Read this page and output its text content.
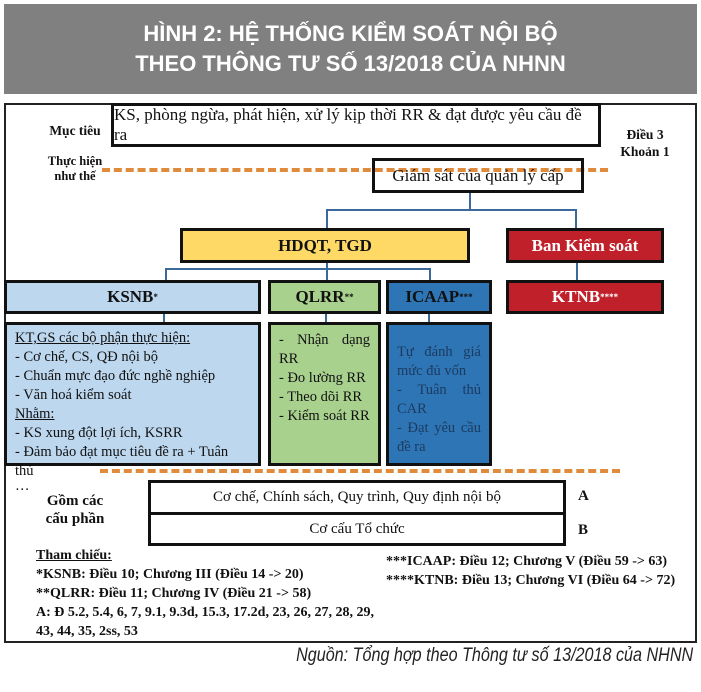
HÌNH 2: HỆ THỐNG KIỂM SOÁT NỘI BỘ
THEO THÔNG TƯ SỐ 13/2018 CỦA NHNN
Mục tiêu
KS, phòng ngừa, phát hiện, xử lý kịp thời RR & đạt được yêu cầu đề ra	Điều 3
Khoản 1
Thực hiện
như thế	Giám sát của quản lý cấp
HDQT, TGD	Ban Kiểm soát
KSNB *	QLRR **	ICAAP ***	KTNB ****
KT,GS các bộ phận thực hiện:
- Cơ chế, CS, QĐ nội bộ
- Chuẩn mực đạo đức nghề nghiệp
- Văn hoá kiểm soát
Nhằm:
- KS xung đột lợi ích, KSRR
- Đảm bảo đạt mục tiêu đề ra + Tuân thủ
…
- Nhận dạng RR
- Đo lường RR
- Theo dõi RR
- Kiểm soát RR
Tự đánh giá mức đủ vốn
- Tuân thủ CAR
- Đạt yêu cầu đề ra
Gồm các
cấu phần
Cơ chế, Chính sách, Quy trình, Quy định nội bộ
Cơ cấu Tổ chức
A
B
Tham chiếu:
*KSNB: Điều 10; Chương III (Điều 14 -> 20)
**QLRR: Điều 11; Chương IV (Điều 21 -> 58)
A: Đ 5.2, 5.4, 6, 7, 9.1, 9.3d, 15.3, 17.2d, 23, 26, 27, 28, 29, 43, 44, 35, 2ss, 53
***ICAAP: Điều 12; Chương V (Điều 59 -> 63)
****KTNB: Điều 13; Chương VI (Điều 64 -> 72)
Nguồn: Tổng hợp theo Thông tư số 13/2018 của NHNN
